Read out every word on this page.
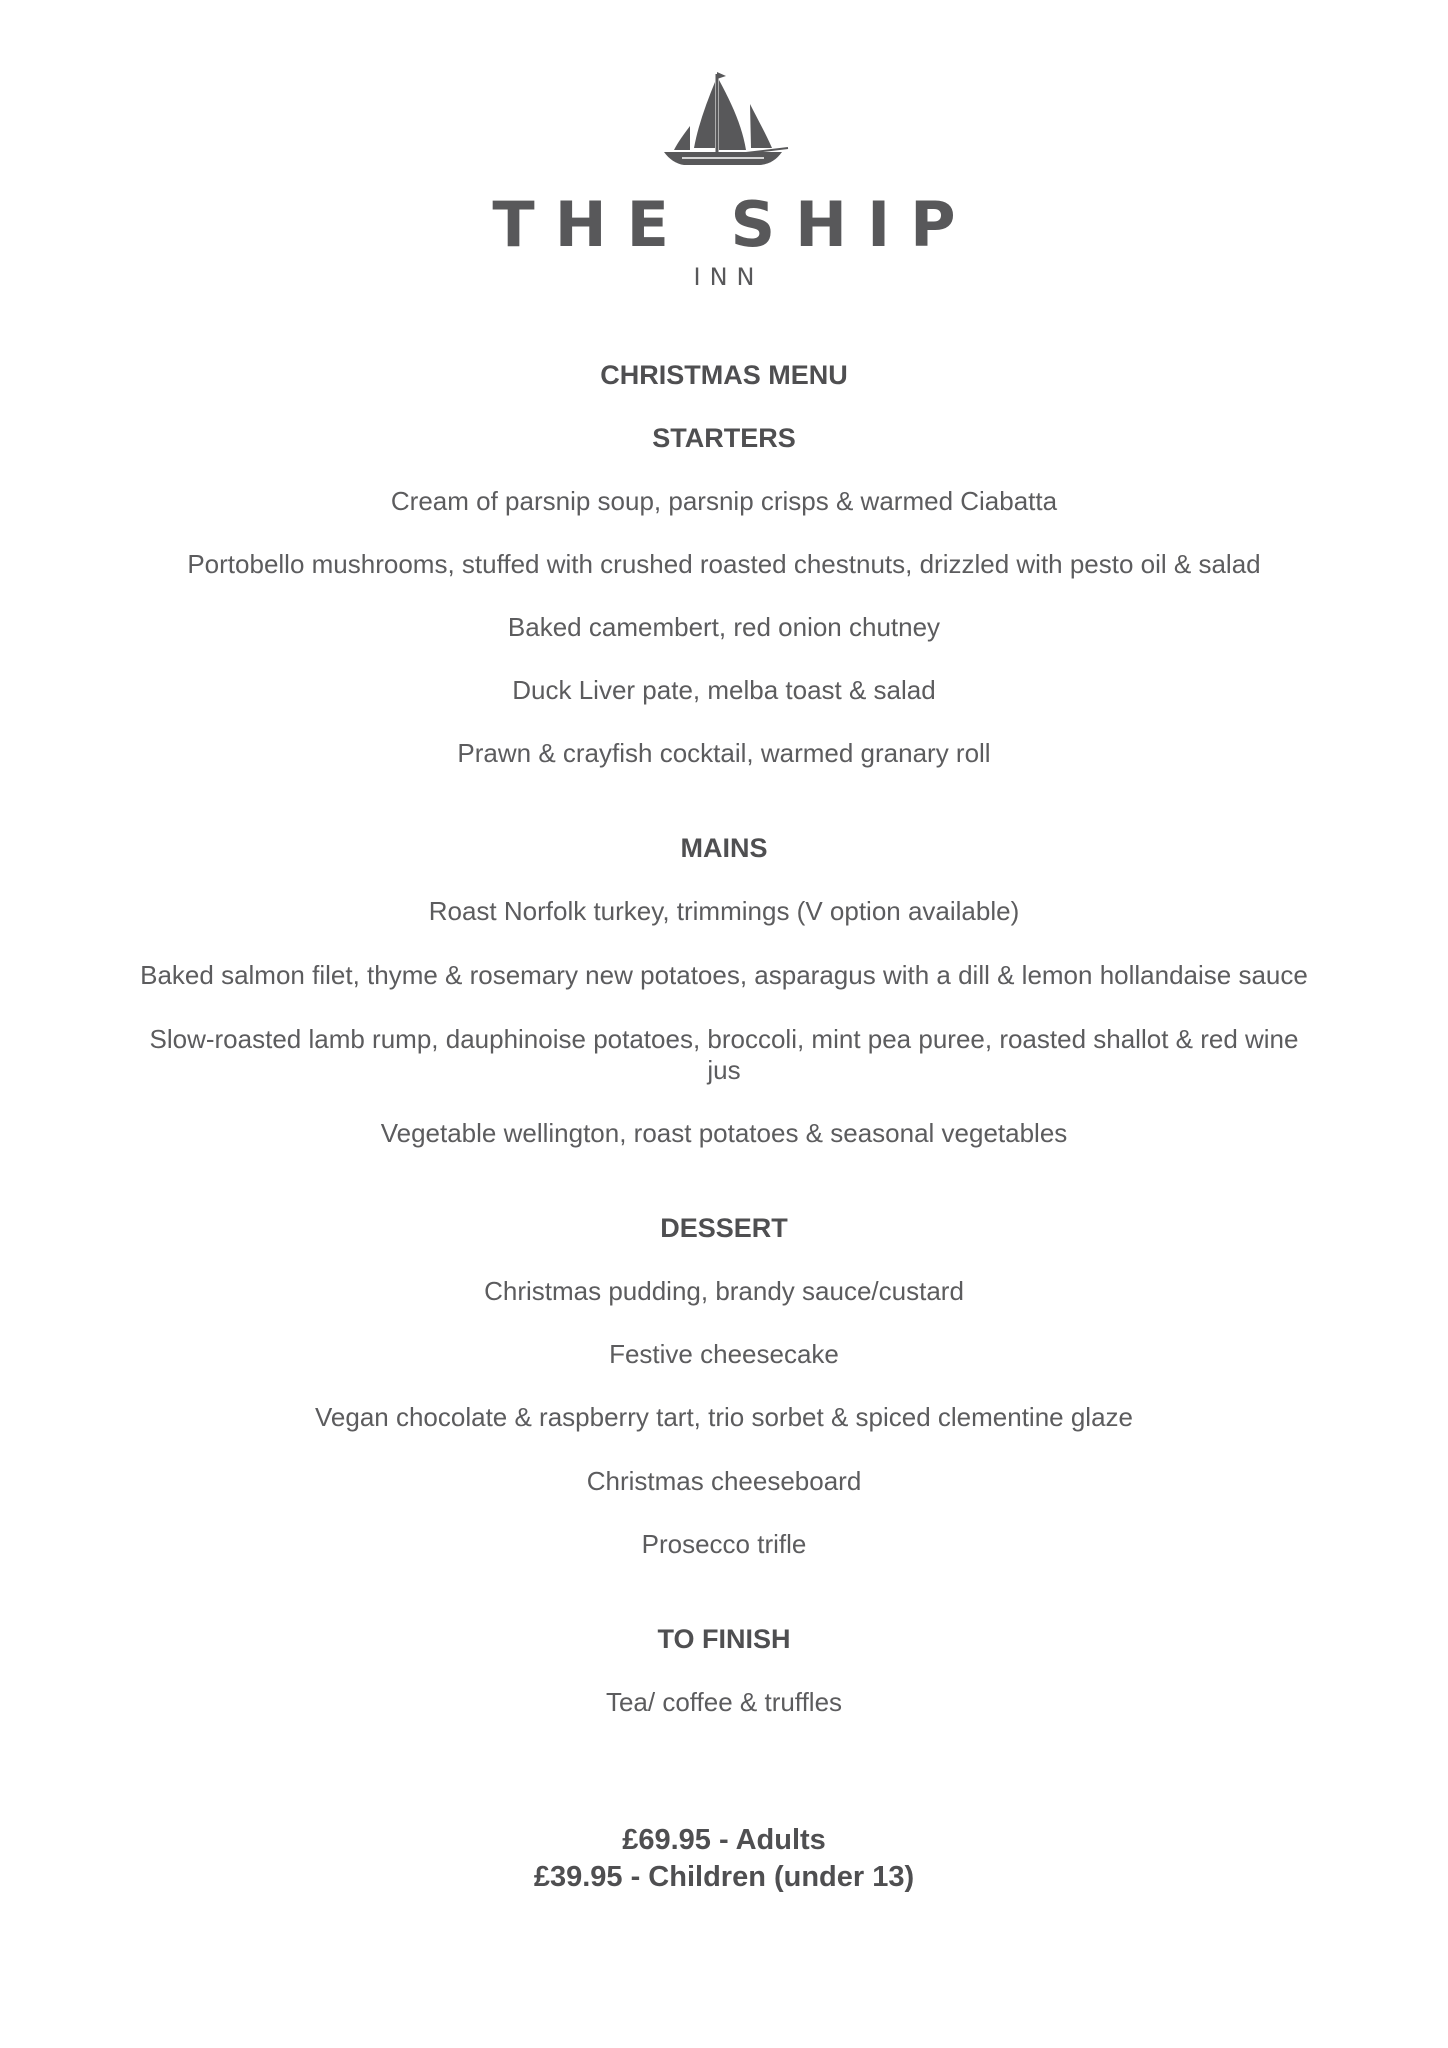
THE SHIP
INN
CHRISTMAS MENU
STARTERS
Cream of parsnip soup, parsnip crisps & warmed Ciabatta
Portobello mushrooms, stuffed with crushed roasted chestnuts, drizzled with pesto oil & salad
Baked camembert, red onion chutney
Duck Liver pate, melba toast & salad
Prawn & crayfish cocktail, warmed granary roll
MAINS
Roast Norfolk turkey, trimmings (V option available)
Baked salmon filet, thyme & rosemary new potatoes, asparagus with a dill & lemon hollandaise sauce
Slow-roasted lamb rump, dauphinoise potatoes, broccoli, mint pea puree, roasted shallot & red wine jus
Vegetable wellington, roast potatoes & seasonal vegetables
DESSERT
Christmas pudding, brandy sauce/custard
Festive cheesecake
Vegan chocolate & raspberry tart, trio sorbet & spiced clementine glaze
Christmas cheeseboard
Prosecco trifle
TO FINISH
Tea/ coffee & truffles
£69.95 - Adults
£39.95 - Children (under 13)
